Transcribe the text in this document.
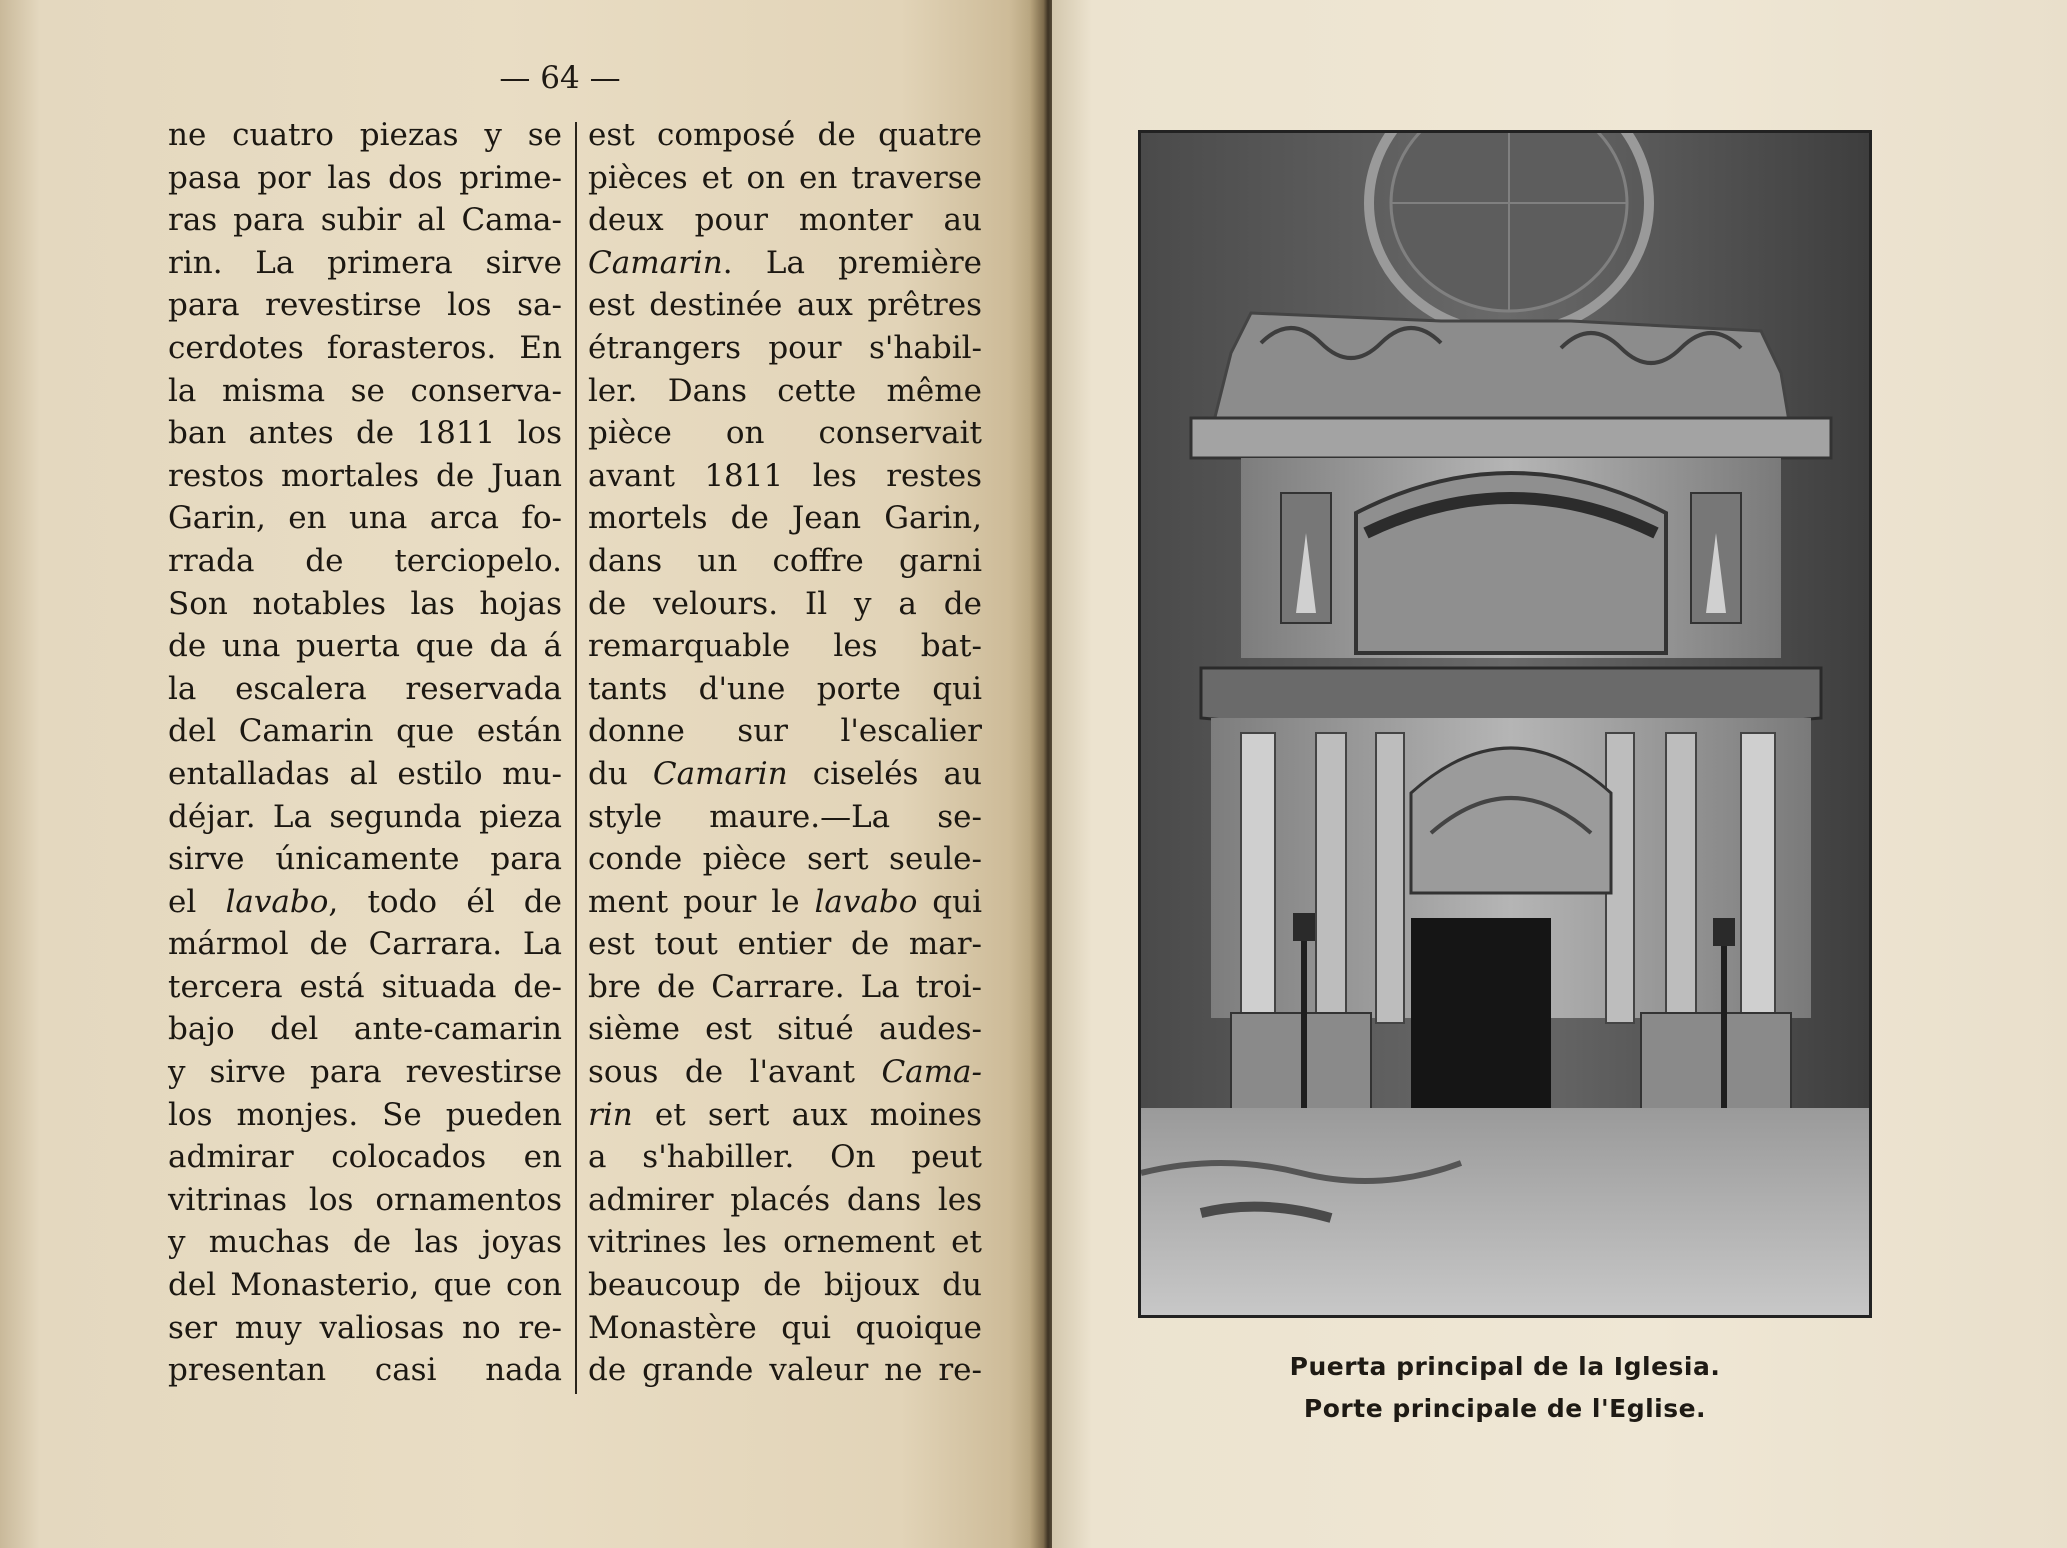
— 64 —
ne cuatro piezas y se
pasa por las dos prime-
ras para subir al Cama-
rin. La primera sirve
para revestirse los sa-
cerdotes forasteros. En
la misma se conserva-
ban antes de 1811 los
restos mortales de Juan
Garin, en una arca fo-
rrada de terciopelo.
Son notables las hojas
de una puerta que da á
la escalera reservada
del Camarin que están
entalladas al estilo mu-
déjar. La segunda pieza
sirve únicamente para
el lavabo, todo él de
mármol de Carrara. La
tercera está situada de-
bajo del ante-camarin
y sirve para revestirse
los monjes. Se pueden
admirar colocados en
vitrinas los ornamentos
y muchas de las joyas
del Monasterio, que con
ser muy valiosas no re-
presentan casi nada
est composé de quatre
pièces et on en traverse
deux pour monter au
Camarin. La première
est destinée aux prêtres
étrangers pour s'habil-
ler. Dans cette même
pièce on conservait
avant 1811 les restes
mortels de Jean Garin,
dans un coffre garni
de velours. Il y a de
remarquable les bat-
tants d'une porte qui
donne sur l'escalier
du Camarin ciselés au
style maure.—La se-
conde pièce sert seule-
ment pour le lavabo qui
est tout entier de mar-
bre de Carrare. La troi-
sième est situé audes-
sous de l'avant Cama-
rin et sert aux moines
a s'habiller. On peut
admirer placés dans les
vitrines les ornement et
beaucoup de bijoux du
Monastère qui quoique
de grande valeur ne re-	Puerta principal de la Iglesia.
Porte principale de l'Eglise.
